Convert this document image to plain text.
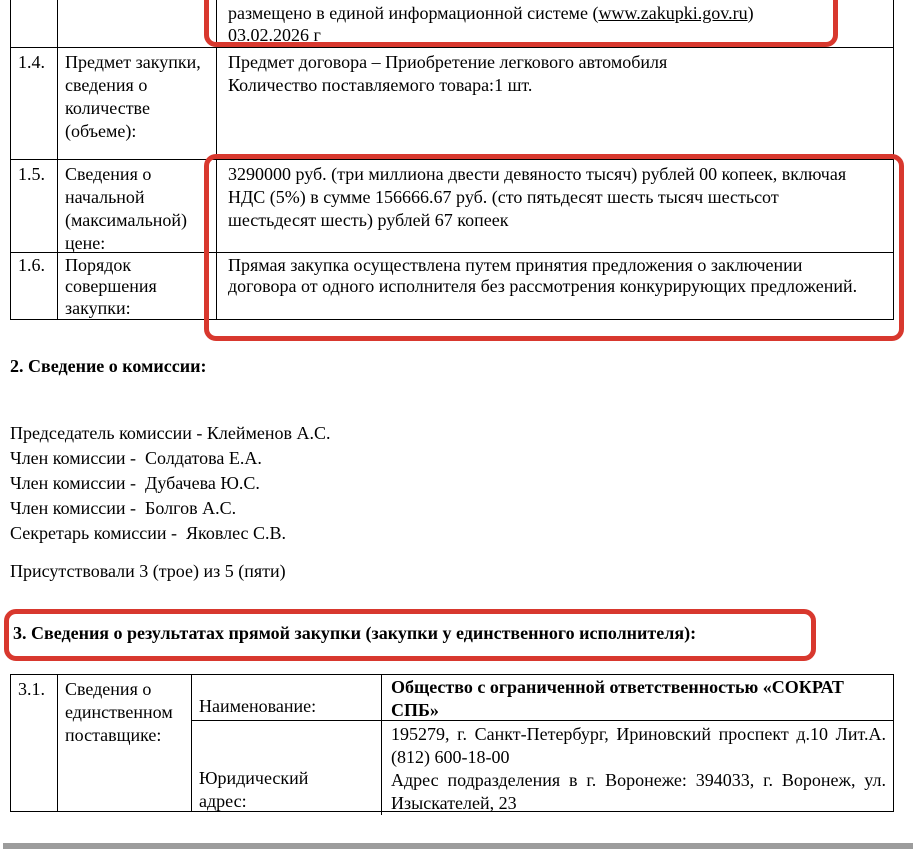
размещено в единой информационной системе (www.zakupki.gov.ru)
03.02.2026 г
1.4.	Предмет закупки, сведения о количестве (объеме):
Предмет договора – Приобретение легкового автомобиля
Количество поставляемого товара:1 шт.
1.5.	Сведения о начальной (максимальной) цене:
3290000 руб. (три миллиона двести девяносто тысяч) рублей 00 копеек, включая НДС (5%) в сумме 156666.67 руб. (сто пятьдесят шесть тысяч шестьсот шестьдесят шесть) рублей 67 копеек
1.6.	Порядок совершения закупки:
Прямая закупка осуществлена путем принятия предложения о заключении договора от одного исполнителя без рассмотрения конкурирующих предложений.
2. Сведение о комиссии:
Председатель комиссии - Клейменов А.С.
Член комиссии -  Солдатова Е.А.
Член комиссии -  Дубачева Ю.С.
Член комиссии -  Болгов А.С.
Секретарь комиссии -  Яковлес С.В.
Присутствовали 3 (трое) из 5 (пяти)
3. Сведения о результатах прямой закупки (закупки у единственного исполнителя):
3.1.	Сведения о единственном поставщике:
Наименование:
Общество с ограниченной ответственностью «СОКРАТ СПБ»
Юридический адрес:
195279, г. Санкт-Петербург, Ириновский проспект д.10 Лит.А. (812) 600-18-00
Адрес подразделения в г. Воронеже: 394033, г. Воронеж, ул. Изыскателей, 23
